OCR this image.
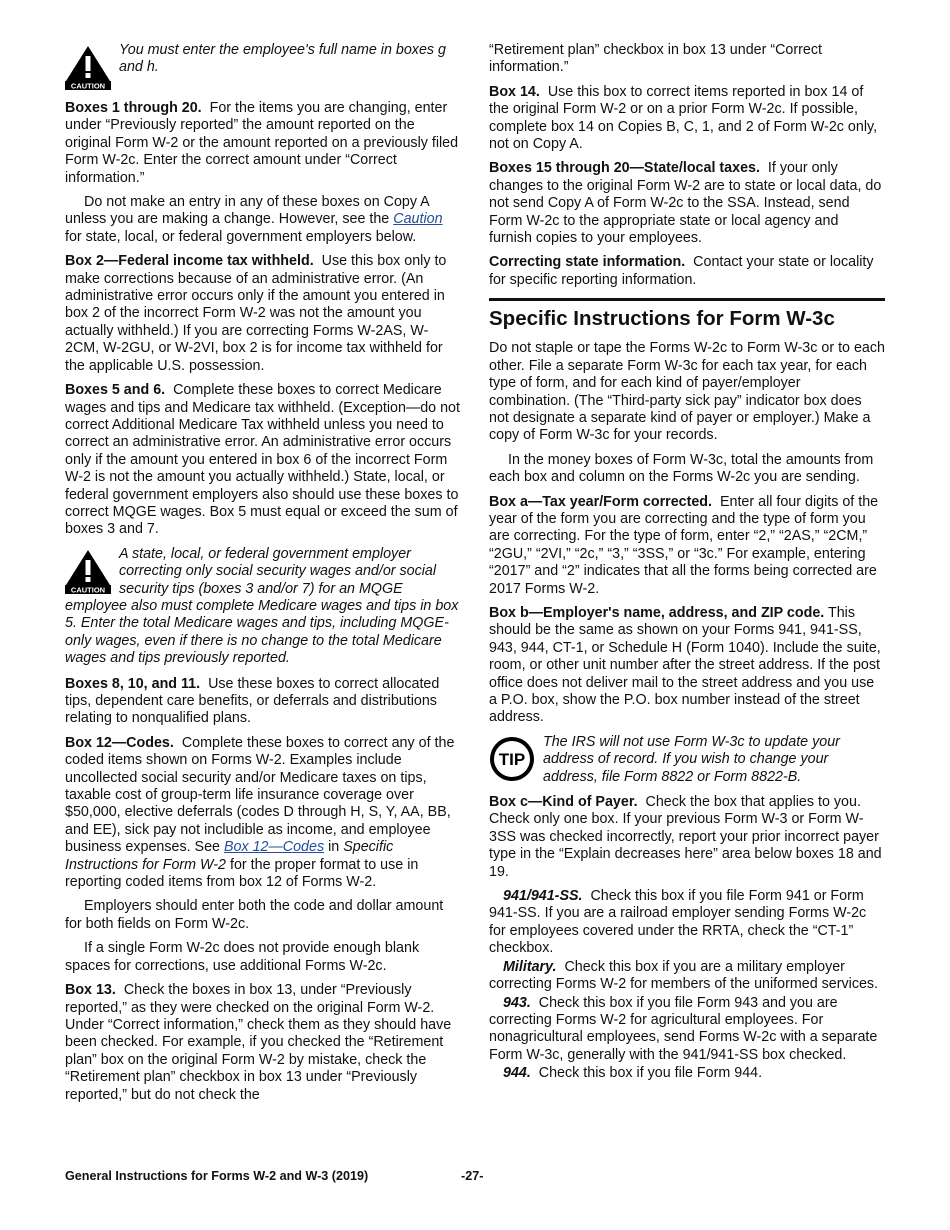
CAUTION
You must enter the employee's full name in boxes g and h.

Boxes 1 through 20. For the items you are changing, enter under “Previously reported” the amount reported on the original Form W-2 or the amount reported on a previously filed Form W-2c. Enter the correct amount under “Correct information.”

Do not make an entry in any of these boxes on Copy A unless you are making a change. However, see the Caution for state, local, or federal government employers below.

Box 2—Federal income tax withheld. Use this box only to make corrections because of an administrative error. (An administrative error occurs only if the amount you entered in box 2 of the incorrect Form W-2 was not the amount you actually withheld.) If you are correcting Forms W-2AS, W-2CM, W-2GU, or W-2VI, box 2 is for income tax withheld for the applicable U.S. possession.

Boxes 5 and 6. Complete these boxes to correct Medicare wages and tips and Medicare tax withheld. (Exception—do not correct Additional Medicare Tax withheld unless you need to correct an administrative error. An administrative error occurs only if the amount you entered in box 6 of the incorrect Form W-2 is not the amount you actually withheld.) State, local, or federal government employers also should use these boxes to correct MQGE wages. Box 5 must equal or exceed the sum of boxes 3 and 7.

CAUTION
A state, local, or federal government employer correcting only social security wages and/or social security tips (boxes 3 and/or 7) for an MQGE employee also must complete Medicare wages and tips in box 5. Enter the total Medicare wages and tips, including MQGE-only wages, even if there is no change to the total Medicare wages and tips previously reported.

Boxes 8, 10, and 11. Use these boxes to correct allocated tips, dependent care benefits, or deferrals and distributions relating to nonqualified plans.

Box 12—Codes. Complete these boxes to correct any of the coded items shown on Forms W-2. Examples include uncollected social security and/or Medicare taxes on tips, taxable cost of group-term life insurance coverage over $50,000, elective deferrals (codes D through H, S, Y, AA, BB, and EE), sick pay not includible as income, and employee business expenses. See Box 12—Codes in Specific Instructions for Form W-2 for the proper format to use in reporting coded items from box 12 of Forms W-2.

Employers should enter both the code and dollar amount for both fields on Form W-2c.

If a single Form W-2c does not provide enough blank spaces for corrections, use additional Forms W-2c.

Box 13. Check the boxes in box 13, under “Previously reported,” as they were checked on the original Form W-2. Under “Correct information,” check them as they should have been checked. For example, if you checked the “Retirement plan” box on the original Form W-2 by mistake, check the “Retirement plan” checkbox in box 13 under “Previously reported,” but do not check the

“Retirement plan” checkbox in box 13 under “Correct information.”

Box 14. Use this box to correct items reported in box 14 of the original Form W-2 or on a prior Form W-2c. If possible, complete box 14 on Copies B, C, 1, and 2 of Form W-2c only, not on Copy A.

Boxes 15 through 20—State/local taxes. If your only changes to the original Form W-2 are to state or local data, do not send Copy A of Form W-2c to the SSA. Instead, send Form W-2c to the appropriate state or local agency and furnish copies to your employees.

Correcting state information. Contact your state or locality for specific reporting information.

Specific Instructions for Form W-3c

Do not staple or tape the Forms W-2c to Form W-3c or to each other. File a separate Form W-3c for each tax year, for each type of form, and for each kind of payer/employer combination. (The “Third-party sick pay” indicator box does not designate a separate kind of payer or employer.) Make a copy of Form W-3c for your records.

In the money boxes of Form W-3c, total the amounts from each box and column on the Forms W-2c you are sending.

Box a—Tax year/Form corrected. Enter all four digits of the year of the form you are correcting and the type of form you are correcting. For the type of form, enter “2,” “2AS,” “2CM,” “2GU,” “2VI,” “2c,” “3,” “3SS,” or “3c.” For example, entering “2017” and “2” indicates that all the forms being corrected are 2017 Forms W-2.

Box b—Employer's name, address, and ZIP code. This should be the same as shown on your Forms 941, 941-SS, 943, 944, CT-1, or Schedule H (Form 1040). Include the suite, room, or other unit number after the street address. If the post office does not deliver mail to the street address and you use a P.O. box, show the P.O. box number instead of the street address.

TIP
The IRS will not use Form W-3c to update your address of record. If you wish to change your address, file Form 8822 or Form 8822-B.

Box c—Kind of Payer. Check the box that applies to you. Check only one box. If your previous Form W-3 or Form W-3SS was checked incorrectly, report your prior incorrect payer type in the “Explain decreases here” area below boxes 18 and 19.

941/941-SS. Check this box if you file Form 941 or Form 941-SS. If you are a railroad employer sending Forms W-2c for employees covered under the RRTA, check the “CT-1” checkbox.

Military. Check this box if you are a military employer correcting Forms W-2 for members of the uniformed services.

943. Check this box if you file Form 943 and you are correcting Forms W-2 for agricultural employees. For nonagricultural employees, send Forms W-2c with a separate Form W-3c, generally with the 941/941-SS box checked.

944. Check this box if you file Form 944.

General Instructions for Forms W-2 and W-3 (2019)	-27-
